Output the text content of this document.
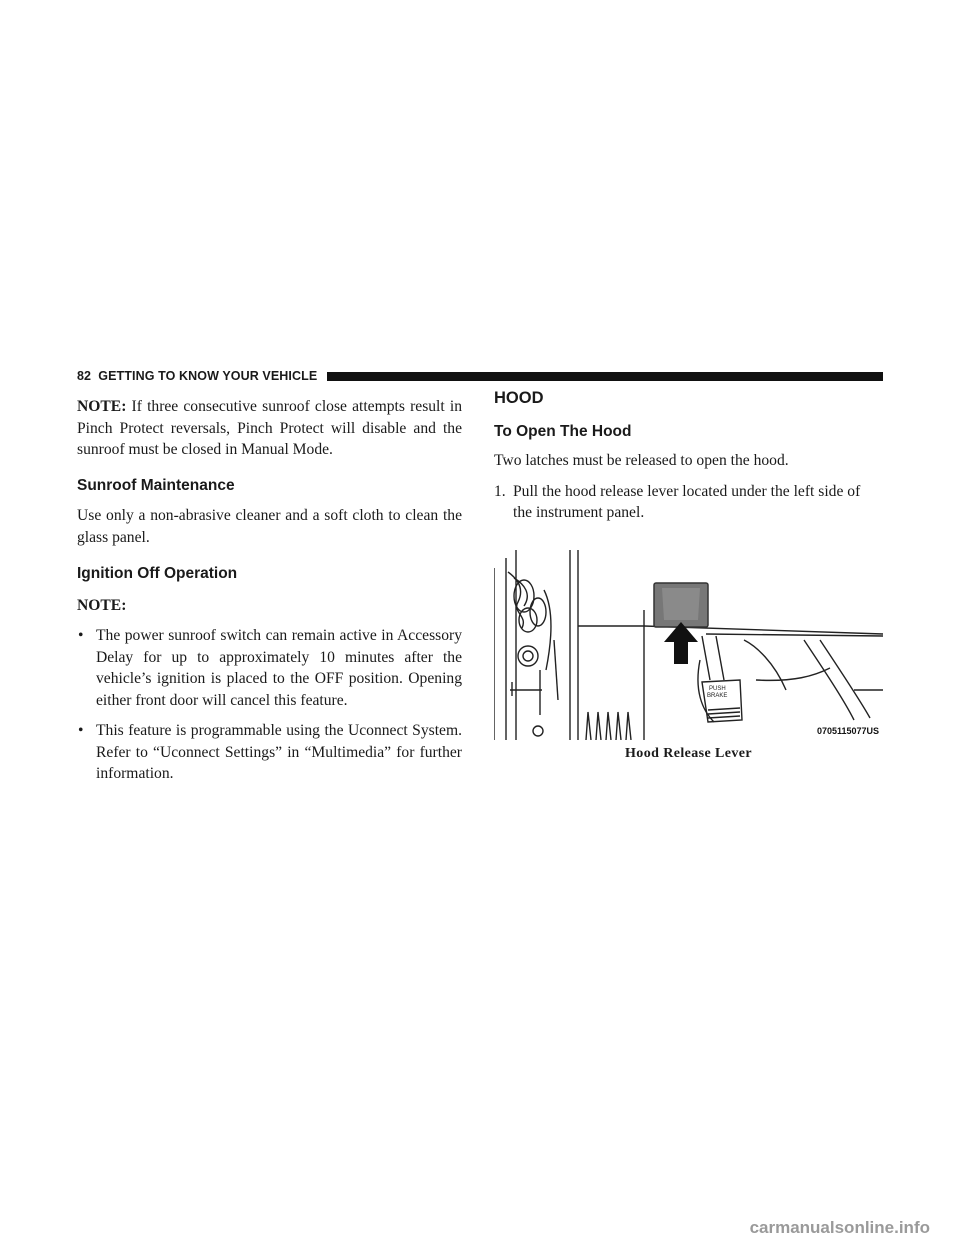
82 GETTING TO KNOW YOUR VEHICLE

NOTE: If three consecutive sunroof close attempts result in Pinch Protect reversals, Pinch Protect will disable and the sunroof must be closed in Manual Mode.

Sunroof Maintenance

Use only a non-abrasive cleaner and a soft cloth to clean the glass panel.

Ignition Off Operation

NOTE:

• The power sunroof switch can remain active in Accessory Delay for up to approximately 10 minutes after the vehicle’s ignition is placed to the OFF position. Opening either front door will cancel this feature.
• This feature is programmable using the Uconnect System. Refer to “Uconnect Settings” in “Multimedia” for further information.
HOOD
To Open The Hood

Two latches must be released to open the hood.

1. Pull the hood release lever located under the left side of the instrument panel.
PUSH
BRAKE
0705115077US
Hood Release Lever
carmanualsonline.info
